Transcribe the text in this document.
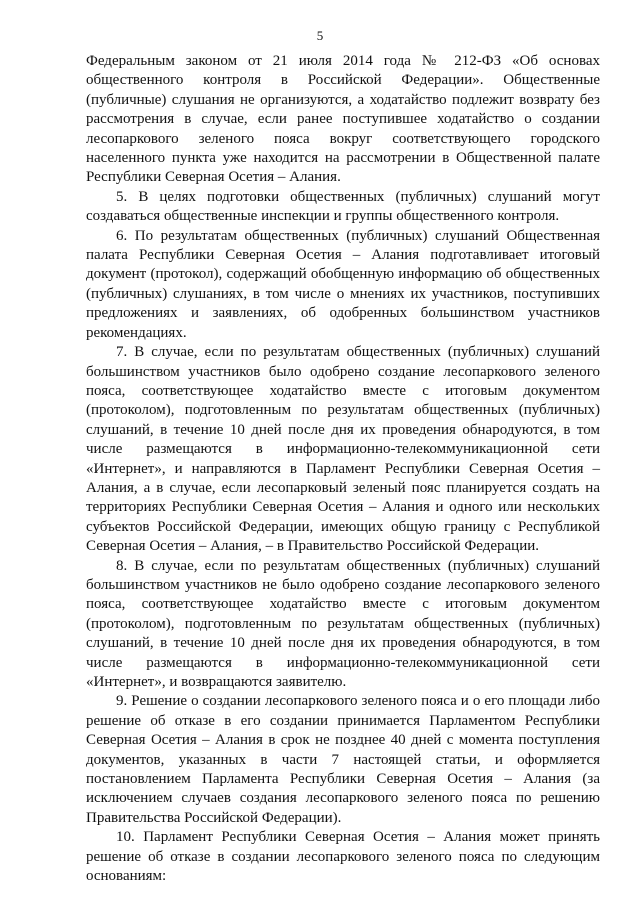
5

Федеральным законом от 21 июля 2014 года № 212-ФЗ «Об основах общественного контроля в Российской Федерации». Общественные (публичные) слушания не организуются, а ходатайство подлежит возврату без рассмотрения в случае, если ранее поступившее ходатайство о создании лесопаркового зеленого пояса вокруг соответствующего городского населенного пункта уже находится на рассмотрении в Общественной палате Республики Северная Осетия – Алания.

5. В целях подготовки общественных (публичных) слушаний могут создаваться общественные инспекции и группы общественного контроля.

6. По результатам общественных (публичных) слушаний Общественная палата Республики Северная Осетия – Алания подготавливает итоговый документ (протокол), содержащий обобщенную информацию об общественных (публичных) слушаниях, в том числе о мнениях их участников, поступивших предложениях и заявлениях, об одобренных большинством участников рекомендациях.

7. В случае, если по результатам общественных (публичных) слушаний большинством участников было одобрено создание лесопаркового зеленого пояса, соответствующее ходатайство вместе с итоговым документом (протоколом), подготовленным по результатам общественных (публичных) слушаний, в течение 10 дней после дня их проведения обнародуются, в том числе размещаются в информационно-телекоммуникационной сети «Интернет», и направляются в Парламент Республики Северная Осетия – Алания, а в случае, если лесопарковый зеленый пояс планируется создать на территориях Республики Северная Осетия – Алания и одного или нескольких субъектов Российской Федерации, имеющих общую границу с Республикой Северная Осетия – Алания, – в Правительство Российской Федерации.

8. В случае, если по результатам общественных (публичных) слушаний большинством участников не было одобрено создание лесопаркового зеленого пояса, соответствующее ходатайство вместе с итоговым документом (протоколом), подготовленным по результатам общественных (публичных) слушаний, в течение 10 дней после дня их проведения обнародуются, в том числе размещаются в информационно-телекоммуникационной сети «Интернет», и возвращаются заявителю.

9. Решение о создании лесопаркового зеленого пояса и о его площади либо решение об отказе в его создании принимается Парламентом Республики Северная Осетия – Алания в срок не позднее 40 дней с момента поступления документов, указанных в части 7 настоящей статьи, и оформляется постановлением Парламента Республики Северная Осетия – Алания (за исключением случаев создания лесопаркового зеленого пояса по решению Правительства Российской Федерации).

10. Парламент Республики Северная Осетия – Алания может принять решение об отказе в создании лесопаркового зеленого пояса по следующим основаниям:
